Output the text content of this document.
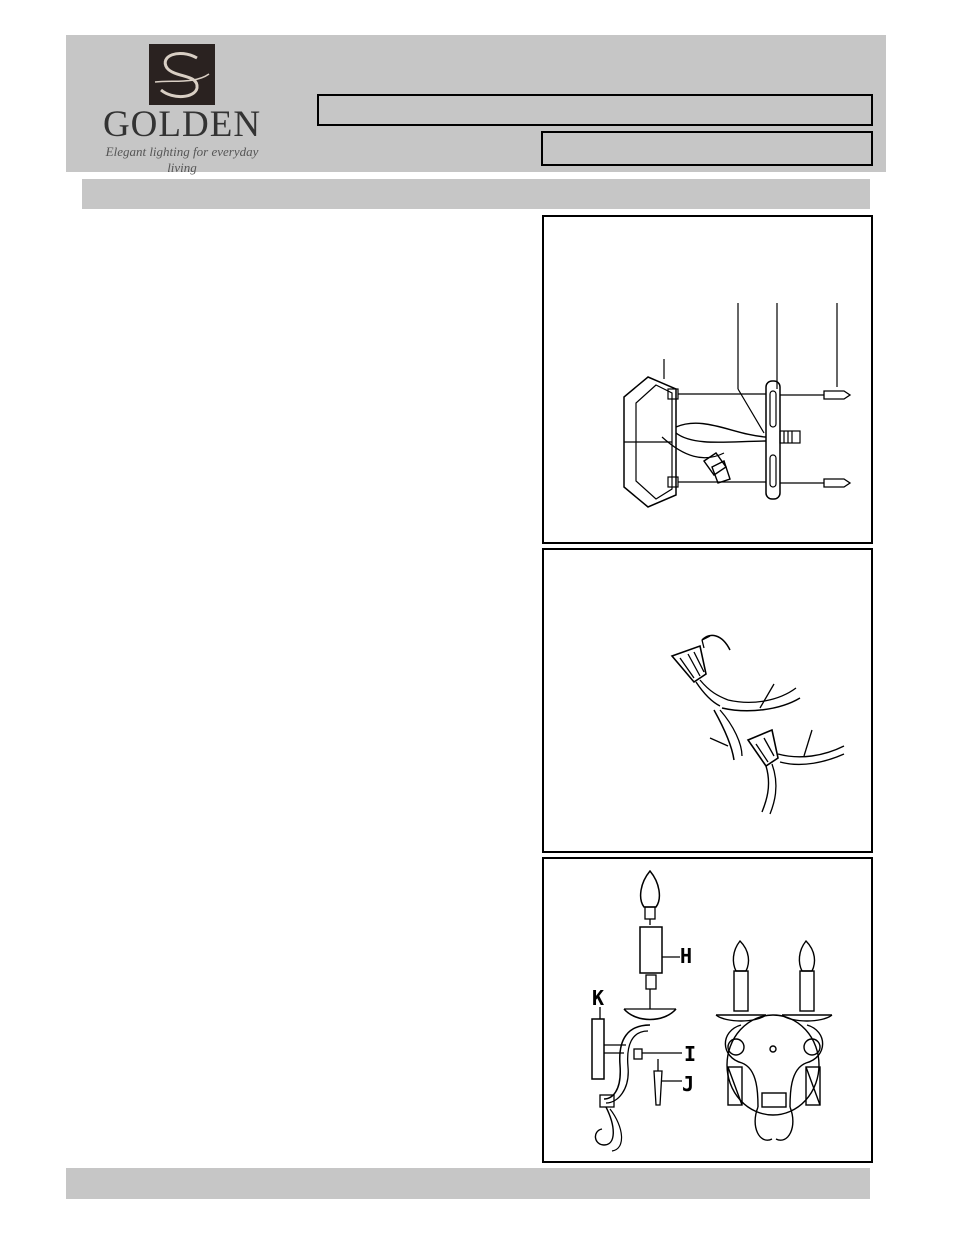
GOLDEN
Elegant lighting for everyday living
H
K
I
J
